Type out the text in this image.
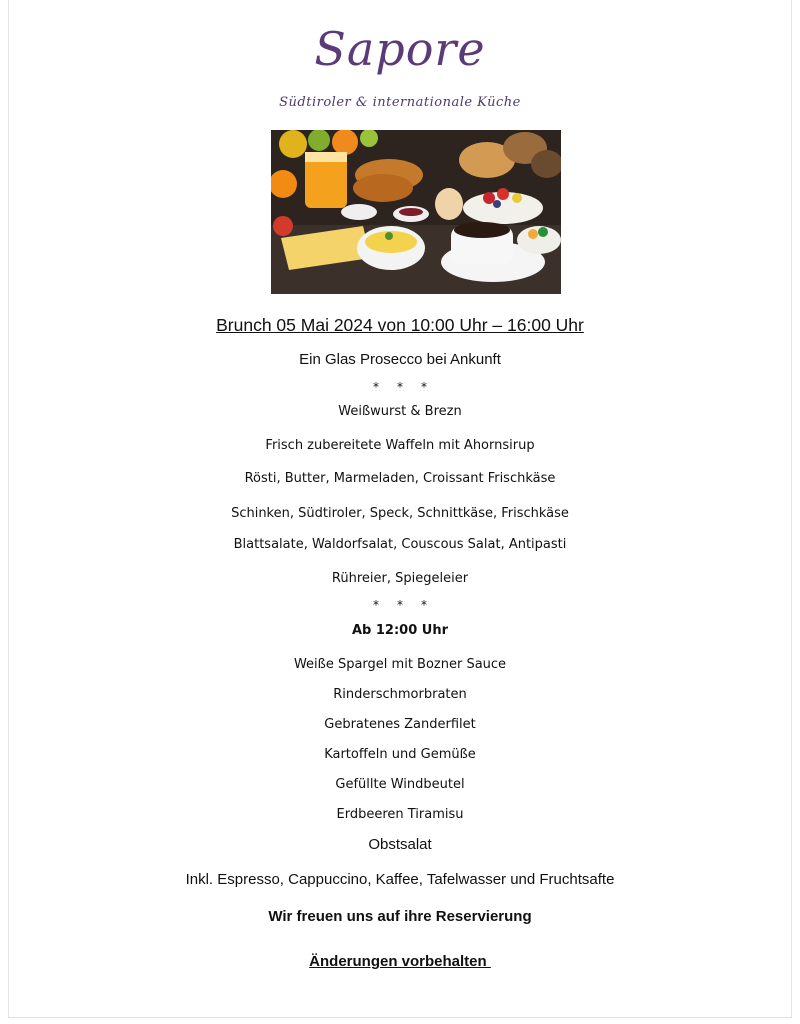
Sapore
Südtiroler & internationale Küche
Brunch 05 Mai 2024 von 10:00 Uhr – 16:00 Uhr
Ein Glas Prosecco bei Ankunft
* * *
Weißwurst & Brezn
Frisch zubereitete Waffeln mit Ahornsirup
Rösti, Butter, Marmeladen, Croissant Frischkäse
Schinken, Südtiroler, Speck, Schnittkäse, Frischkäse
Blattsalate, Waldorfsalat, Couscous Salat, Antipasti
Rühreier, Spiegeleier
* * *
Ab 12:00 Uhr
Weiße Spargel mit Bozner Sauce
Rinderschmorbraten
Gebratenes Zanderfilet
Kartoffeln und Gemüße
Gefüllte Windbeutel
Erdbeeren Tiramisu
Obstsalat
Inkl. Espresso, Cappuccino, Kaffee, Tafelwasser und Fruchtsafte
Wir freuen uns auf ihre Reservierung
Änderungen vorbehalten
